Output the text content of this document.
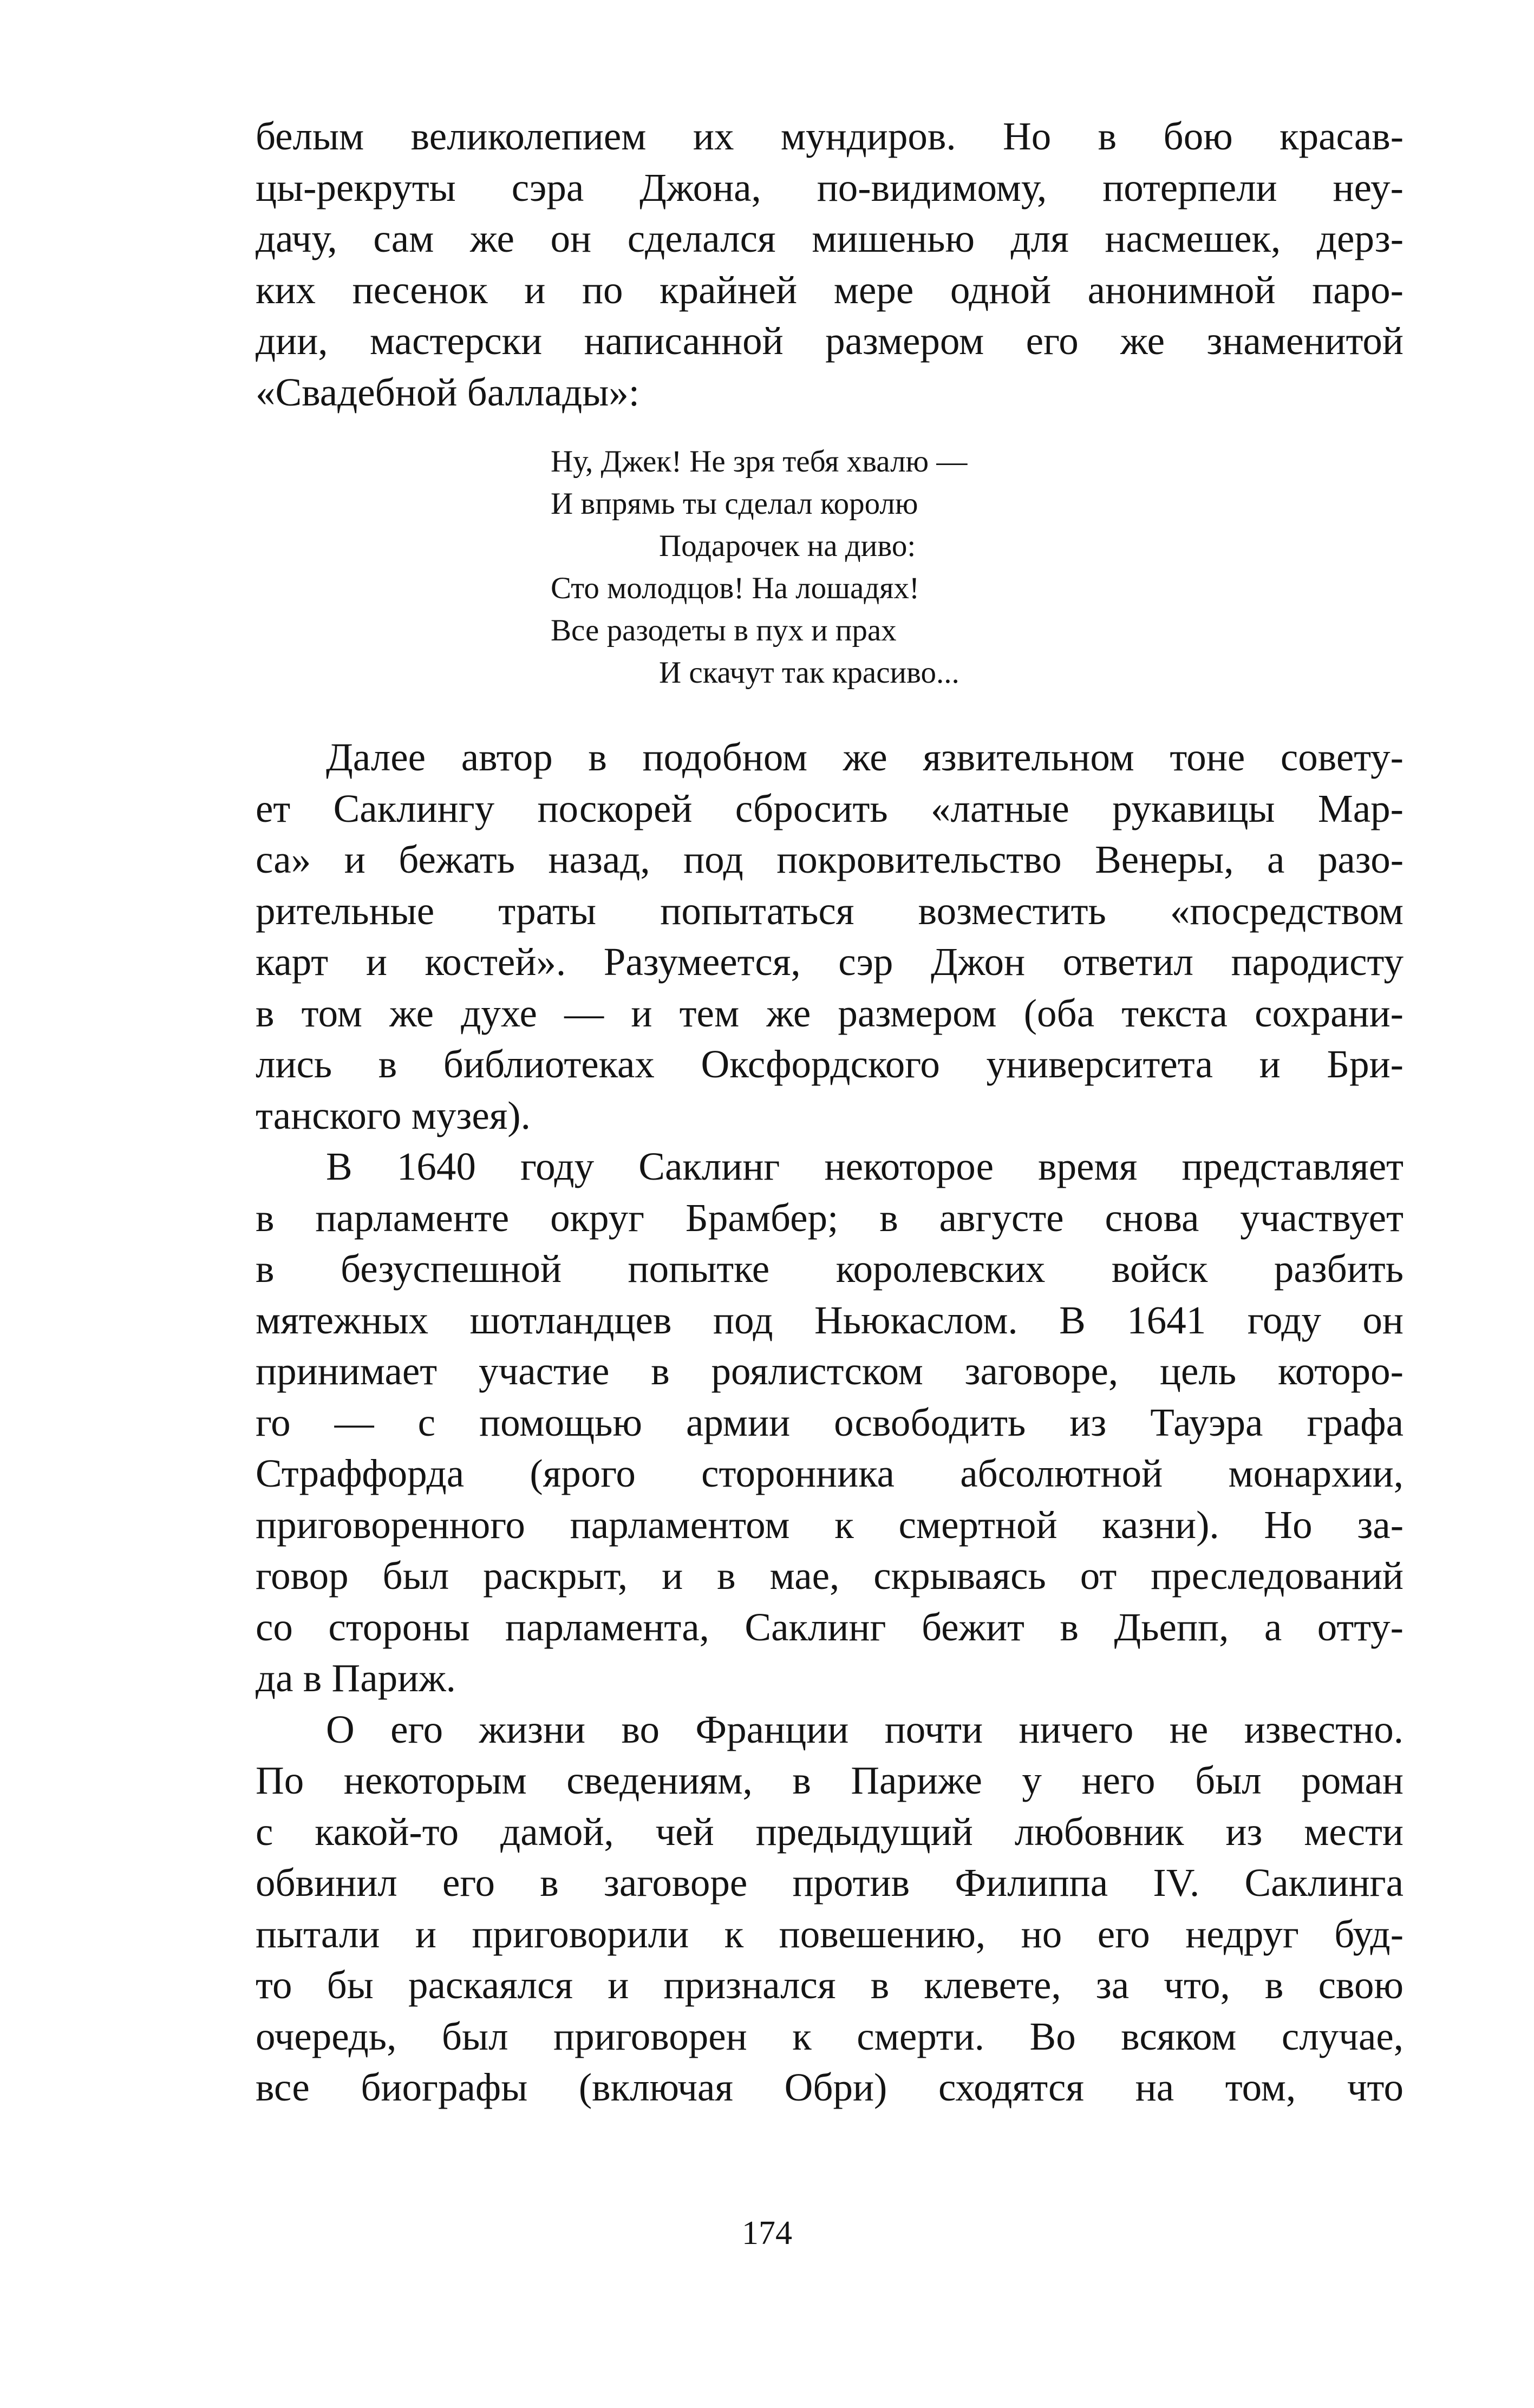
белым великолепием их мундиров. Но в бою красав-
цы-рекруты сэра Джона, по-видимому, потерпели неу-
дачу, сам же он сделался мишенью для насмешек, дерз-
ких песенок и по крайней мере одной анонимной паро-
дии, мастерски написанной размером его же знаменитой
«Свадебной баллады»:

Ну, Джек! Не зря тебя хвалю —
И впрямь ты сделал королю
Подарочек на диво:
Сто молодцов! На лошадях!
Все разодеты в пух и прах
И скачут так красиво...

Далее автор в подобном же язвительном тоне совету-
ет Саклингу поскорей сбросить «латные рукавицы Мар-
са» и бежать назад, под покровительство Венеры, а разо-
рительные траты попытаться возместить «посредством
карт и костей». Разумеется, сэр Джон ответил пародисту
в том же духе — и тем же размером (оба текста сохрани-
лись в библиотеках Оксфордского университета и Бри-
танского музея).

В 1640 году Саклинг некоторое время представляет
в парламенте округ Брамбер; в августе снова участвует
в безуспешной попытке королевских войск разбить
мятежных шотландцев под Ньюкаслом. В 1641 году он
принимает участие в роялистском заговоре, цель которо-
го — с помощью армии освободить из Тауэра графа
Страффорда (ярого сторонника абсолютной монархии,
приговоренного парламентом к смертной казни). Но за-
говор был раскрыт, и в мае, скрываясь от преследований
со стороны парламента, Саклинг бежит в Дьепп, а отту-
да в Париж.

О его жизни во Франции почти ничего не известно.
По некоторым сведениям, в Париже у него был роман
с какой-то дамой, чей предыдущий любовник из мести
обвинил его в заговоре против Филиппа IV. Саклинга
пытали и приговорили к повешению, но его недруг буд-
то бы раскаялся и признался в клевете, за что, в свою
очередь, был приговорен к смерти. Во всяком случае,
все биографы (включая Обри) сходятся на том, что

174
